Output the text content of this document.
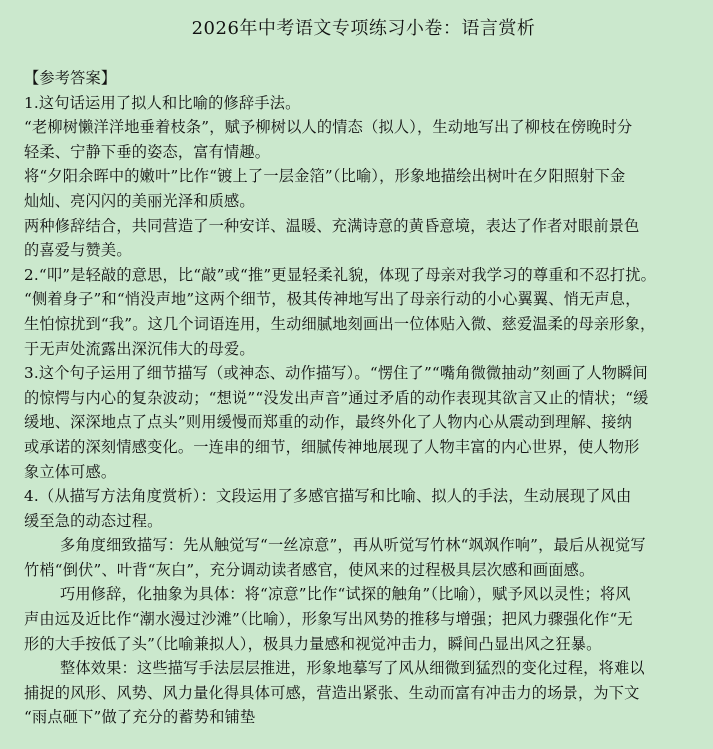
2026年中考语文专项练习小卷：语言赏析
【参考答案】
1.这句话运用了拟人和比喻的修辞手法。
“老柳树懒洋洋地垂着枝条”，赋予柳树以人的情态（拟人），生动地写出了柳枝在傍晚时分
轻柔、宁静下垂的姿态，富有情趣。
将“夕阳余晖中的嫩叶”比作“镀上了一层金箔”（比喻），形象地描绘出树叶在夕阳照射下金
灿灿、亮闪闪的美丽光泽和质感。
两种修辞结合，共同营造了一种安详、温暖、充满诗意的黄昏意境，表达了作者对眼前景色
的喜爱与赞美。
2.“叩”是轻敲的意思，比“敲”或“推”更显轻柔礼貌，体现了母亲对我学习的尊重和不忍打扰。
“侧着身子”和“悄没声地”这两个细节，极其传神地写出了母亲行动的小心翼翼、悄无声息，
生怕惊扰到“我”。这几个词语连用，生动细腻地刻画出一位体贴入微、慈爱温柔的母亲形象，
于无声处流露出深沉伟大的母爱。
3.这个句子运用了细节描写（或神态、动作描写）。“愣住了”“嘴角微微抽动”刻画了人物瞬间
的惊愕与内心的复杂波动；“想说”“没发出声音”通过矛盾的动作表现其欲言又止的情状；“缓
缓地、深深地点了点头”则用缓慢而郑重的动作，最终外化了人物内心从震动到理解、接纳
或承诺的深刻情感变化。一连串的细节，细腻传神地展现了人物丰富的内心世界，使人物形
象立体可感。
4.（从描写方法角度赏析）：文段运用了多感官描写和比喻、拟人的手法，生动展现了风由
缓至急的动态过程。
多角度细致描写：先从触觉写“一丝凉意”，再从听觉写竹林“飒飒作响”，最后从视觉写
竹梢“倒伏”、叶背“灰白”，充分调动读者感官，使风来的过程极具层次感和画面感。
巧用修辞，化抽象为具体：将“凉意”比作“试探的触角”（比喻），赋予风以灵性；将风
声由远及近比作“潮水漫过沙滩”（比喻），形象写出风势的推移与增强；把风力骤强化作“无
形的大手按低了头”（比喻兼拟人），极具力量感和视觉冲击力，瞬间凸显出风之狂暴。
整体效果：这些描写手法层层推进，形象地摹写了风从细微到猛烈的变化过程，将难以
捕捉的风形、风势、风力量化得具体可感，营造出紧张、生动而富有冲击力的场景，为下文
“雨点砸下”做了充分的蓄势和铺垫
